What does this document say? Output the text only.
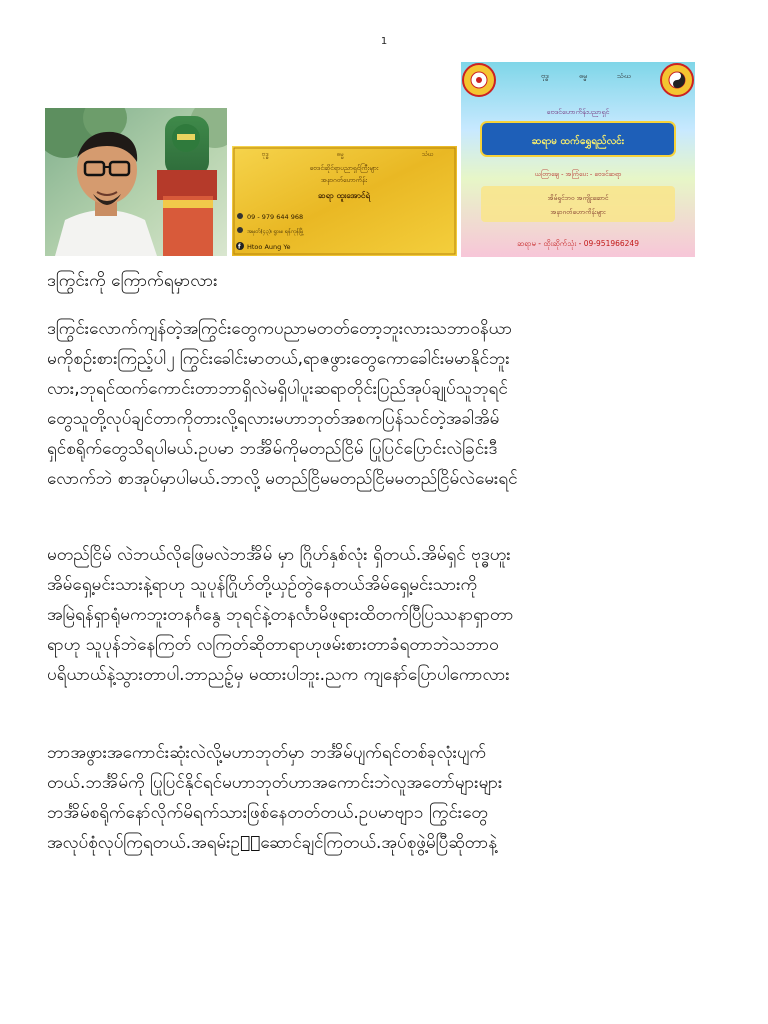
1
ဗုဒ္ဓ	ဓမ္မ	သံဃ
ဗေဒင်ဆိုင်ရာပညာရှင်ကြီးများ
အနာဂတ်ဟောကိန်း
ဆရာ ထူးအောင်ရဲ
09 - 979 644 968
အမှတ်(၄၃)၊ ရွာမ၊ ရန်ကုန်မြို့
f Htoo Aung Ye
ဗုဒ္ဓ	ဓမ္မ	သံဃ
ဗေဒင်ဟောကိန်းပညာရှင်
ဆရာမ ထက်ရွှေရည်လင်း
ယတြာချေ - အကြံပေး - ဗေဒင်ဆရာ
အိမ်ရှင်ဘဝ အကျိုးဆောင်
အနာဂတ်ဟောကိန်းများ
ဆရာမ - ထိုးဆိုက်သုံး - 09-951966249
ဒကြွင်းကို ကြောက်ရမှာလား
ဒကြွင်းလောက်ကျန်တဲ့အကြွင်းတွေကပညာမတတ်တော့ဘူးလားသဘာဝနိယာ
မကိုစဉ်းစားကြည့်ပါ၂ ကြွင်းခေါင်းမာတယ်,ရာဇဖွားတွေကောခေါင်းမမာနိုင်ဘူး
လား,ဘုရင်ထက်ကောင်းတာဘာရှိလဲမရှိပါပူးဆရာတိုင်းပြည်အုပ်ချုပ်သူဘုရင်
တွေသူတို့လုပ်ချင်တာကိုတားလို့ရလားမဟာဘုတ်အစကပြန်သင်တဲ့အခါအိမ်
ရှင်စရိုက်တွေသိရပါမယ်.ဥပမာ ဘင်္အိမ်ကိုမတည်ငြိမ် ပြုပြင်ပြောင်းလဲခြင်းဒီ
လောက်ဘဲ စာအုပ်မှာပါမယ်.ဘာလို့ မတည်ငြိမမတည်ငြိမမတည်ငြိမ်လဲမေးရင်
မတည်ငြိမ် လဲဘယ်လိုဖြေမလဲဘင်္အိမ် မှာ ဂြိုဟ်နှစ်လုံး ရှိတယ်.အိမ်ရှင် ဗုဒ္ဓဟူး
အိမ်ရှေ့မင်းသားနဲ့ရာဟု သူပုန်ဂြိုဟ်တို့ယှဉ်တွဲနေတယ်အိမ်ရှေ့မင်းသားကို
အမြဲရန်ရှာရုံမကဘူးတနင်္ဂနွေ ဘုရင်နဲ့တနင်္လာမိဖုရားထိတက်ပြီပြဿနာရှာတာ
ရာဟု သူပုန်ဘဲနေကြတ် လကြတ်ဆိုတာရာဟုဖမ်းစားတာခံရတာဘဲသဘာဝ
ပရိယာယ်နဲ့သွားတာပါ.ဘာညဉ့်မှ မထားပါဘူး.ညက ကျနော်ပြောပါကောလား
ဘာအဖွားအကောင်းဆုံးလဲလို့မဟာဘုတ်မှာ ဘင်္အိမ်ပျက်ရင်တစ်ခုလုံးပျက်
တယ်.ဘင်္အိမ်ကို ပြုပြင်နိုင်ရင်မဟာဘုတ်ဟာအကောင်းဘဲလူအတော်များများ
ဘင်္အိမ်စရိုက်နော်လိုက်မိရက်သားဖြစ်နေတတ်တယ်.ဥပမာဗျာ၁ ကြွင်းတွေ
အလုပ်စုံလုပ်ကြရတယ်.အရမ်းဥ₿းဆောင်ချင်ကြတယ်.အုပ်စုဖွဲ့မိပြီဆိုတာနဲ့
